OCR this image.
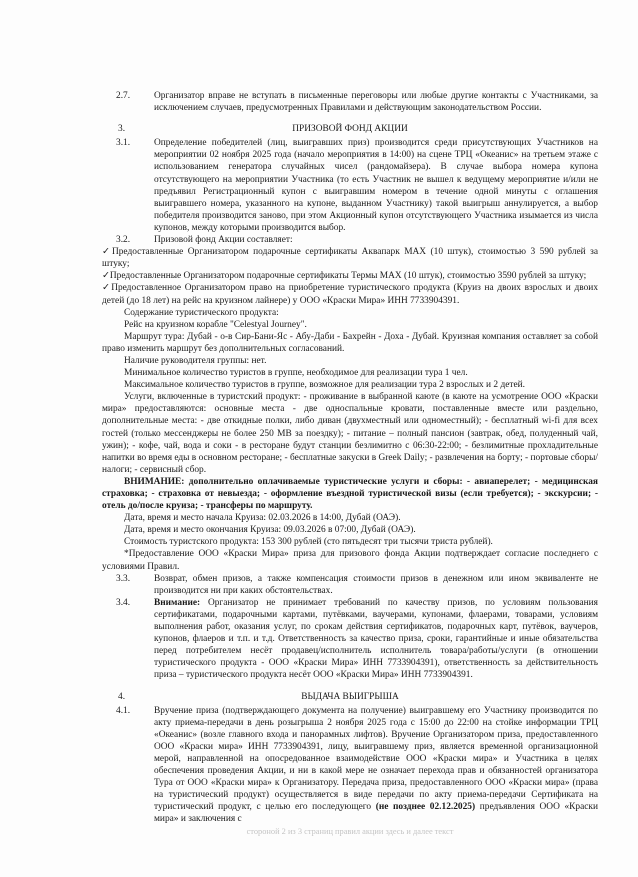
2.7.	Организатор вправе не вступать в письменные переговоры или любые другие контакты с Участниками, за исключением случаев, предусмотренных Правилами и действующим законодательством России.
3.	ПРИЗОВОЙ ФОНД АКЦИИ
3.1.	Определение победителей (лиц, выигравших приз) производится среди присутствующих Участников на мероприятии 02 ноября 2025 года (начало мероприятия в 14:00) на сцене ТРЦ «Океанис» на третьем этаже с использованием генератора случайных чисел (рандомайзера). В случае выбора номера купона отсутствующего на мероприятии Участника (то есть Участник не вышел к ведущему мероприятие и/или не предъявил Регистрационный купон с выигравшим номером в течение одной минуты с оглашения выигравшего номера, указанного на купоне, выданном Участнику) такой выигрыш аннулируется, а выбор победителя производится заново, при этом Акционный купон отсутствующего Участника изымается из числа купонов, между которыми производится выбор.
3.2.	Призовой фонд Акции составляет:

✓ Предоставленные Организатором подарочные сертификаты Аквапарк MAX (10 штук), стоимостью 3 590 рублей за штуку;

✓ Предоставленные Организатором подарочные сертификаты Термы MAX (10 штук), стоимостью 3590 рублей за штуку;

✓ Предоставленное Организатором право на приобретение туристического продукта (Круиз на двоих взрослых и двоих детей (до 18 лет) на рейс на круизном лайнере) у ООО «Краски Мира» ИНН 7733904391.

Содержание туристического продукта:

Рейс на круизном корабле "Celestyal Journey".

Маршрут тура: Дубай - о-в Сир-Бани-Яс - Абу-Даби - Бахрейн - Доха - Дубай. Круизная компания оставляет за собой право изменить маршрут без дополнительных согласований.

Наличие руководителя группы: нет.

Минимальное количество туристов в группе, необходимое для реализации тура 1 чел.

Максимальное количество туристов в группе, возможное для реализации тура 2 взрослых и 2 детей.

Услуги, включенные в туристский продукт: - проживание в выбранной каюте (в каюте на усмотрение ООО «Краски мира» предоставляются: основные места - две односпальные кровати, поставленные вместе или раздельно, дополнительные места: - две откидные полки, либо диван (двухместный или одноместный); - бесплатный wi-fi для всех гостей (только мессенджеры не более 250 MB за поездку); - питание – полный пансион (завтрак, обед, полуденный чай, ужин); - кофе, чай, вода и соки - в ресторане будут станции безлимитно с 06:30-22:00; - безлимитные прохладительные напитки во время еды в основном ресторане; - бесплатные закуски в Greek Daily; - развлечения на борту; - портовые сборы/налоги; - сервисный сбор.

ВНИМАНИЕ: дополнительно оплачиваемые туристические услуги и сборы: - авиаперелет; - медицинская страховка; - страховка от невыезда; - оформление въездной туристической визы (если требуется); - экскурсии; - отель до/после круиза; - трансферы по маршруту.

Дата, время и место начала Круиза: 02.03.2026 в 14:00, Дубай (ОАЭ).

Дата, время и место окончания Круиза: 09.03.2026 в 07:00, Дубай (ОАЭ).

Стоимость туристского продукта: 153 300 рублей (сто пятьдесят три тысячи триста рублей).

*Предоставление ООО «Краски Мира» приза для призового фонда Акции подтверждает согласие последнего с условиями Правил.

3.3.	Возврат, обмен призов, а также компенсация стоимости призов в денежном или ином эквиваленте не производится ни при каких обстоятельствах.
3.4.	Внимание: Организатор не принимает требований по качеству призов, по условиям пользования сертификатами, подарочными картами, путёвками, ваучерами, купонами, флаерами, товарами, условиям выполнения работ, оказания услуг, по срокам действия сертификатов, подарочных карт, путёвок, ваучеров, купонов, флаеров и т.п. и т.д. Ответственность за качество приза, сроки, гарантийные и иные обязательства перед потребителем несёт продавец/исполнитель исполнитель товара/работы/услуги (в отношении туристического продукта - ООО «Краски Мира» ИНН 7733904391), ответственность за действительность приза – туристического продукта несёт ООО «Краски Мира» ИНН 7733904391.
4.	ВЫДАЧА ВЫИГРЫША
4.1.	Вручение приза (подтверждающего документа на получение) выигравшему его Участнику производится по акту приема-передачи в день розыгрыша 2 ноября 2025 года с 15:00 до 22:00 на стойке информации ТРЦ «Океанис» (возле главного входа и панорамных лифтов). Вручение Организатором приза, предоставленного ООО «Краски мира» ИНН 7733904391, лицу, выигравшему приз, является временной организационной мерой, направленной на опосредованное взаимодействие ООО «Краски мира» и Участника в целях обеспечения проведения Акции, и ни в какой мере не означает перехода прав и обязанностей организатора Тура от ООО «Краски мира» к Организатору. Передача приза, предоставленного ООО «Краски мира» (права на туристический продукт) осуществляется в виде передачи по акту приема-передачи Сертификата на туристический продукт, с целью его последующего (не позднее 02.12.2025) предъявления ООО «Краски мира» и заключения с

стороной 2 из 3 страниц правил акции здесь и далее текст
